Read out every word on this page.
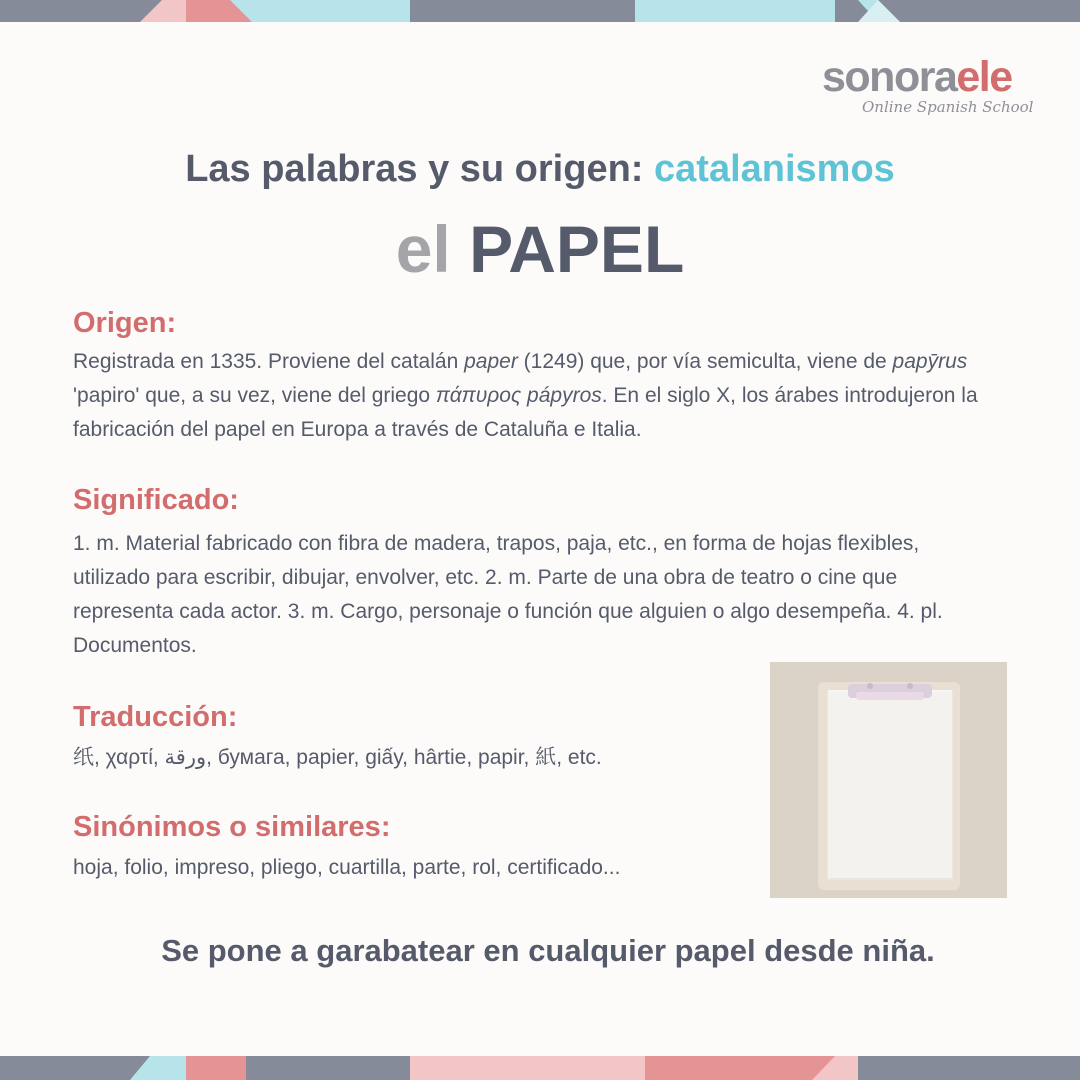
sonoraele
Online Spanish School
Las palabras y su origen: catalanismos
el PAPEL
Origen:
Registrada en 1335. Proviene del catalán paper (1249) que, por vía semiculta, viene de papȳrus 'papiro' que, a su vez, viene del griego πάπυρος pápyros. En el siglo X, los árabes introdujeron la fabricación del papel en Europa a través de Cataluña e Italia.
Significado:
1. m. Material fabricado con fibra de madera, trapos, paja, etc., en forma de hojas flexibles, utilizado para escribir, dibujar, envolver, etc. 2. m. Parte de una obra de teatro o cine que representa cada actor. 3. m. Cargo, personaje o función que alguien o algo desempeña. 4. pl. Documentos.
Traducción:
纸, χαρτί, ورقة, бумага, papier, giấy, hârtie, papir, 紙, etc.
Sinónimos o similares:
hoja, folio, impreso, pliego, cuartilla, parte, rol, certificado...
Se pone a garabatear en cualquier papel desde niña.
